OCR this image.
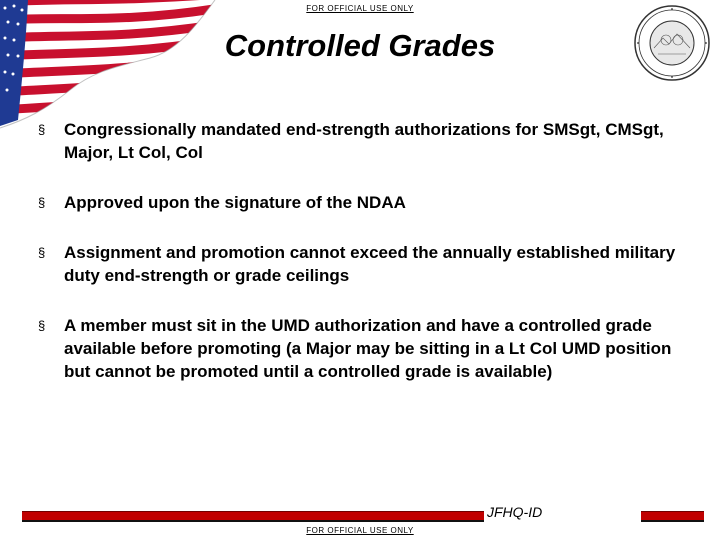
FOR OFFICIAL USE ONLY
Controlled Grades
§ Congressionally mandated end-strength authorizations for SMSgt, CMSgt, Major, Lt Col, Col
§ Approved upon the signature of the NDAA
§ Assignment and promotion cannot exceed the annually established military duty end-strength or grade ceilings
§ A member must sit in the UMD authorization and have a controlled grade available before promoting (a Major may be sitting in a Lt Col UMD position but cannot be promoted until a controlled grade is available)
JFHQ-ID
FOR OFFICIAL USE ONLY
